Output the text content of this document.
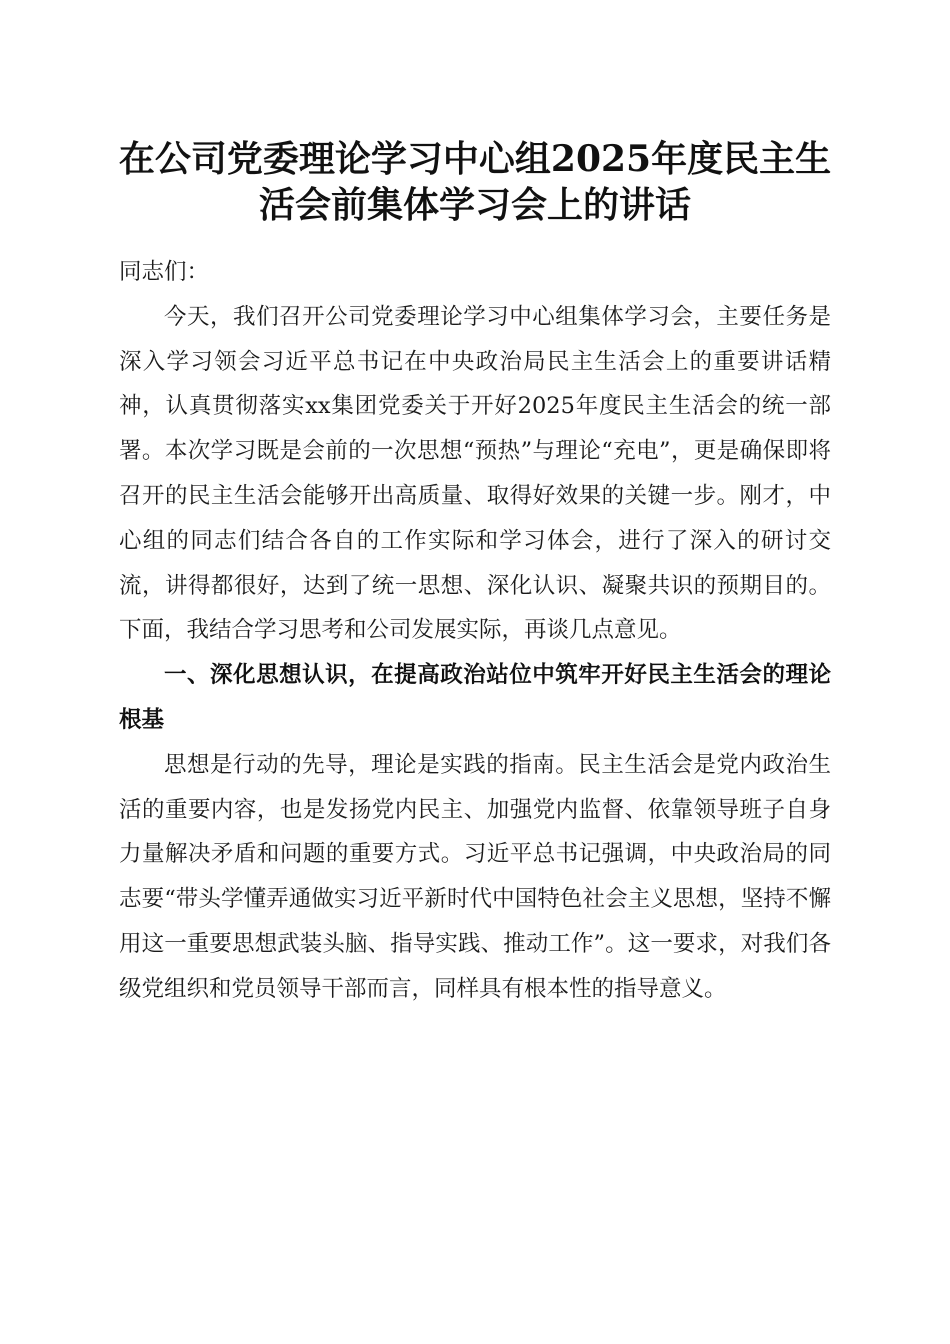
在公司党委理论学习中心组2025年度民主生
活会前集体学习会上的讲话

同志们：

今天，我们召开公司党委理论学习中心组集体学习会，主要任务是深入学习领会习近平总书记在中央政治局民主生活会上的重要讲话精神，认真贯彻落实xx集团党委关于开好2025年度民主生活会的统一部署。本次学习既是会前的一次思想“预热”与理论“充电”，更是确保即将召开的民主生活会能够开出高质量、取得好效果的关键一步。刚才，中心组的同志们结合各自的工作实际和学习体会，进行了深入的研讨交流，讲得都很好，达到了统一思想、深化认识、凝聚共识的预期目的。下面，我结合学习思考和公司发展实际，再谈几点意见。

一、深化思想认识，在提高政治站位中筑牢开好民主生活会的理论根基

思想是行动的先导，理论是实践的指南。民主生活会是党内政治生活的重要内容，也是发扬党内民主、加强党内监督、依靠领导班子自身力量解决矛盾和问题的重要方式。习近平总书记强调，中央政治局的同志要“带头学懂弄通做实习近平新时代中国特色社会主义思想，坚持不懈用这一重要思想武装头脑、指导实践、推动工作”。这一要求，对我们各级党组织和党员领导干部而言，同样具有根本性的指导意义。
